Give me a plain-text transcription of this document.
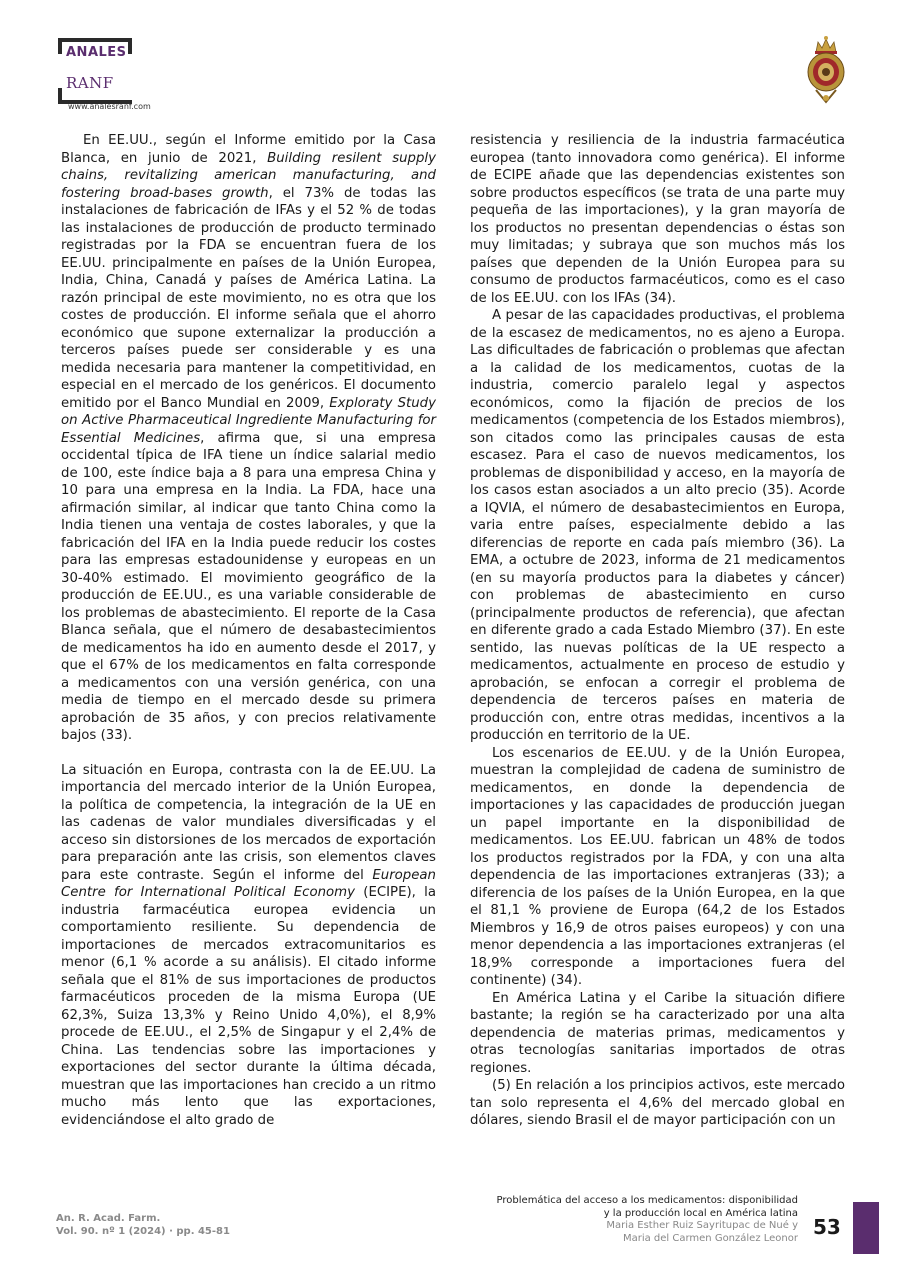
ANALES
RANF
www.analesranf.com

En EE.UU., según el Informe emitido por la Casa Blanca, en junio de 2021, Building resilent supply chains, revitalizing american manufacturing, and fostering broad-bases growth, el 73% de todas las instalaciones de fabricación de IFAs y el 52 % de todas las instalaciones de producción de producto terminado registradas por la FDA se encuentran fuera de los EE.UU. principalmente en países de la Unión Europea, India, China, Canadá y países de América Latina. La razón principal de este movimiento, no es otra que los costes de producción. El informe señala que el ahorro económico que supone externalizar la producción a terceros países puede ser considerable y es una medida necesaria para mantener la competitividad, en especial en el mercado de los genéricos. El documento emitido por el Banco Mundial en 2009, Exploraty Study on Active Pharmaceutical Ingrediente Manufacturing for Essential Medicines, afirma que, si una empresa occidental típica de IFA tiene un índice salarial medio de 100, este índice baja a 8 para una empresa China y 10 para una empresa en la India. La FDA, hace una afirmación similar, al indicar que tanto China como la India tienen una ventaja de costes laborales, y que la fabricación del IFA en la India puede reducir los costes para las empresas estadounidense y europeas en un 30-40% estimado. El movimiento geográfico de la producción de EE.UU., es una variable considerable de los problemas de abastecimiento. El reporte de la Casa Blanca señala, que el número de desabastecimientos de medicamentos ha ido en aumento desde el 2017, y que el 67% de los medicamentos en falta corresponde a medicamentos con una versión genérica, con una media de tiempo en el mercado desde su primera aprobación de 35 años, y con precios relativamente bajos (33).

La situación en Europa, contrasta con la de EE.UU. La importancia del mercado interior de la Unión Europea, la política de competencia, la integración de la UE en las cadenas de valor mundiales diversificadas y el acceso sin distorsiones de los mercados de exportación para preparación ante las crisis, son elementos claves para este contraste. Según el informe del European Centre for International Political Economy (ECIPE), la industria farmacéutica europea evidencia un comportamiento resiliente. Su dependencia de importaciones de mercados extracomunitarios es menor (6,1 % acorde a su análisis). El citado informe señala que el 81% de sus importaciones de productos farmacéuticos proceden de la misma Europa (UE 62,3%, Suiza 13,3% y Reino Unido 4,0%), el 8,9% procede de EE.UU., el 2,5% de Singapur y el 2,4% de China. Las tendencias sobre las importaciones y exportaciones del sector durante la última década, muestran que las importaciones han crecido a un ritmo mucho más lento que las exportaciones, evidenciándose el alto grado de

resistencia y resiliencia de la industria farmacéutica europea (tanto innovadora como genérica). El informe de ECIPE añade que las dependencias existentes son sobre productos específicos (se trata de una parte muy pequeña de las importaciones), y la gran mayoría de los productos no presentan dependencias o éstas son muy limitadas; y subraya que son muchos más los países que dependen de la Unión Europea para su consumo de productos farmacéuticos, como es el caso de los EE.UU. con los IFAs (34).

A pesar de las capacidades productivas, el problema de la escasez de medicamentos, no es ajeno a Europa. Las dificultades de fabricación o problemas que afectan a la calidad de los medicamentos, cuotas de la industria, comercio paralelo legal y aspectos económicos, como la fijación de precios de los medicamentos (competencia de los Estados miembros), son citados como las principales causas de esta escasez. Para el caso de nuevos medicamentos, los problemas de disponibilidad y acceso, en la mayoría de los casos estan asociados a un alto precio (35). Acorde a IQVIA, el número de desabastecimientos en Europa, varia entre países, especialmente debido a las diferencias de reporte en cada país miembro (36). La EMA, a octubre de 2023, informa de 21 medicamentos (en su mayoría productos para la diabetes y cáncer) con problemas de abastecimiento en curso (principalmente productos de referencia), que afectan en diferente grado a cada Estado Miembro (37). En este sentido, las nuevas políticas de la UE respecto a medicamentos, actualmente en proceso de estudio y aprobación, se enfocan a corregir el problema de dependencia de terceros países en materia de producción con, entre otras medidas, incentivos a la producción en territorio de la UE.

Los escenarios de EE.UU. y de la Unión Europea, muestran la complejidad de cadena de suministro de medicamentos, en donde la dependencia de importaciones y las capacidades de producción juegan un papel importante en la disponibilidad de medicamentos. Los EE.UU. fabrican un 48% de todos los productos registrados por la FDA, y con una alta dependencia de las importaciones extranjeras (33); a diferencia de los países de la Unión Europea, en la que el 81,1 % proviene de Europa (64,2 de los Estados Miembros y 16,9 de otros paises europeos) y con una menor dependencia a las importaciones extranjeras (el 18,9% corresponde a importaciones fuera del continente) (34).

En América Latina y el Caribe la situación difiere bastante; la región se ha caracterizado por una alta dependencia de materias primas, medicamentos y otras tecnologías sanitarias importados de otras regiones.

(5) En relación a los principios activos, este mercado tan solo representa el 4,6% del mercado global en dólares, siendo Brasil el de mayor participación con un

An. R. Acad. Farm.
Vol. 90. nº 1 (2024) · pp. 45-81
Problemática del acceso a los medicamentos: disponibilidad
y la producción local en América latina
Maria Esther Ruiz Sayritupac de Nué y
Maria del Carmen González Leonor 53
